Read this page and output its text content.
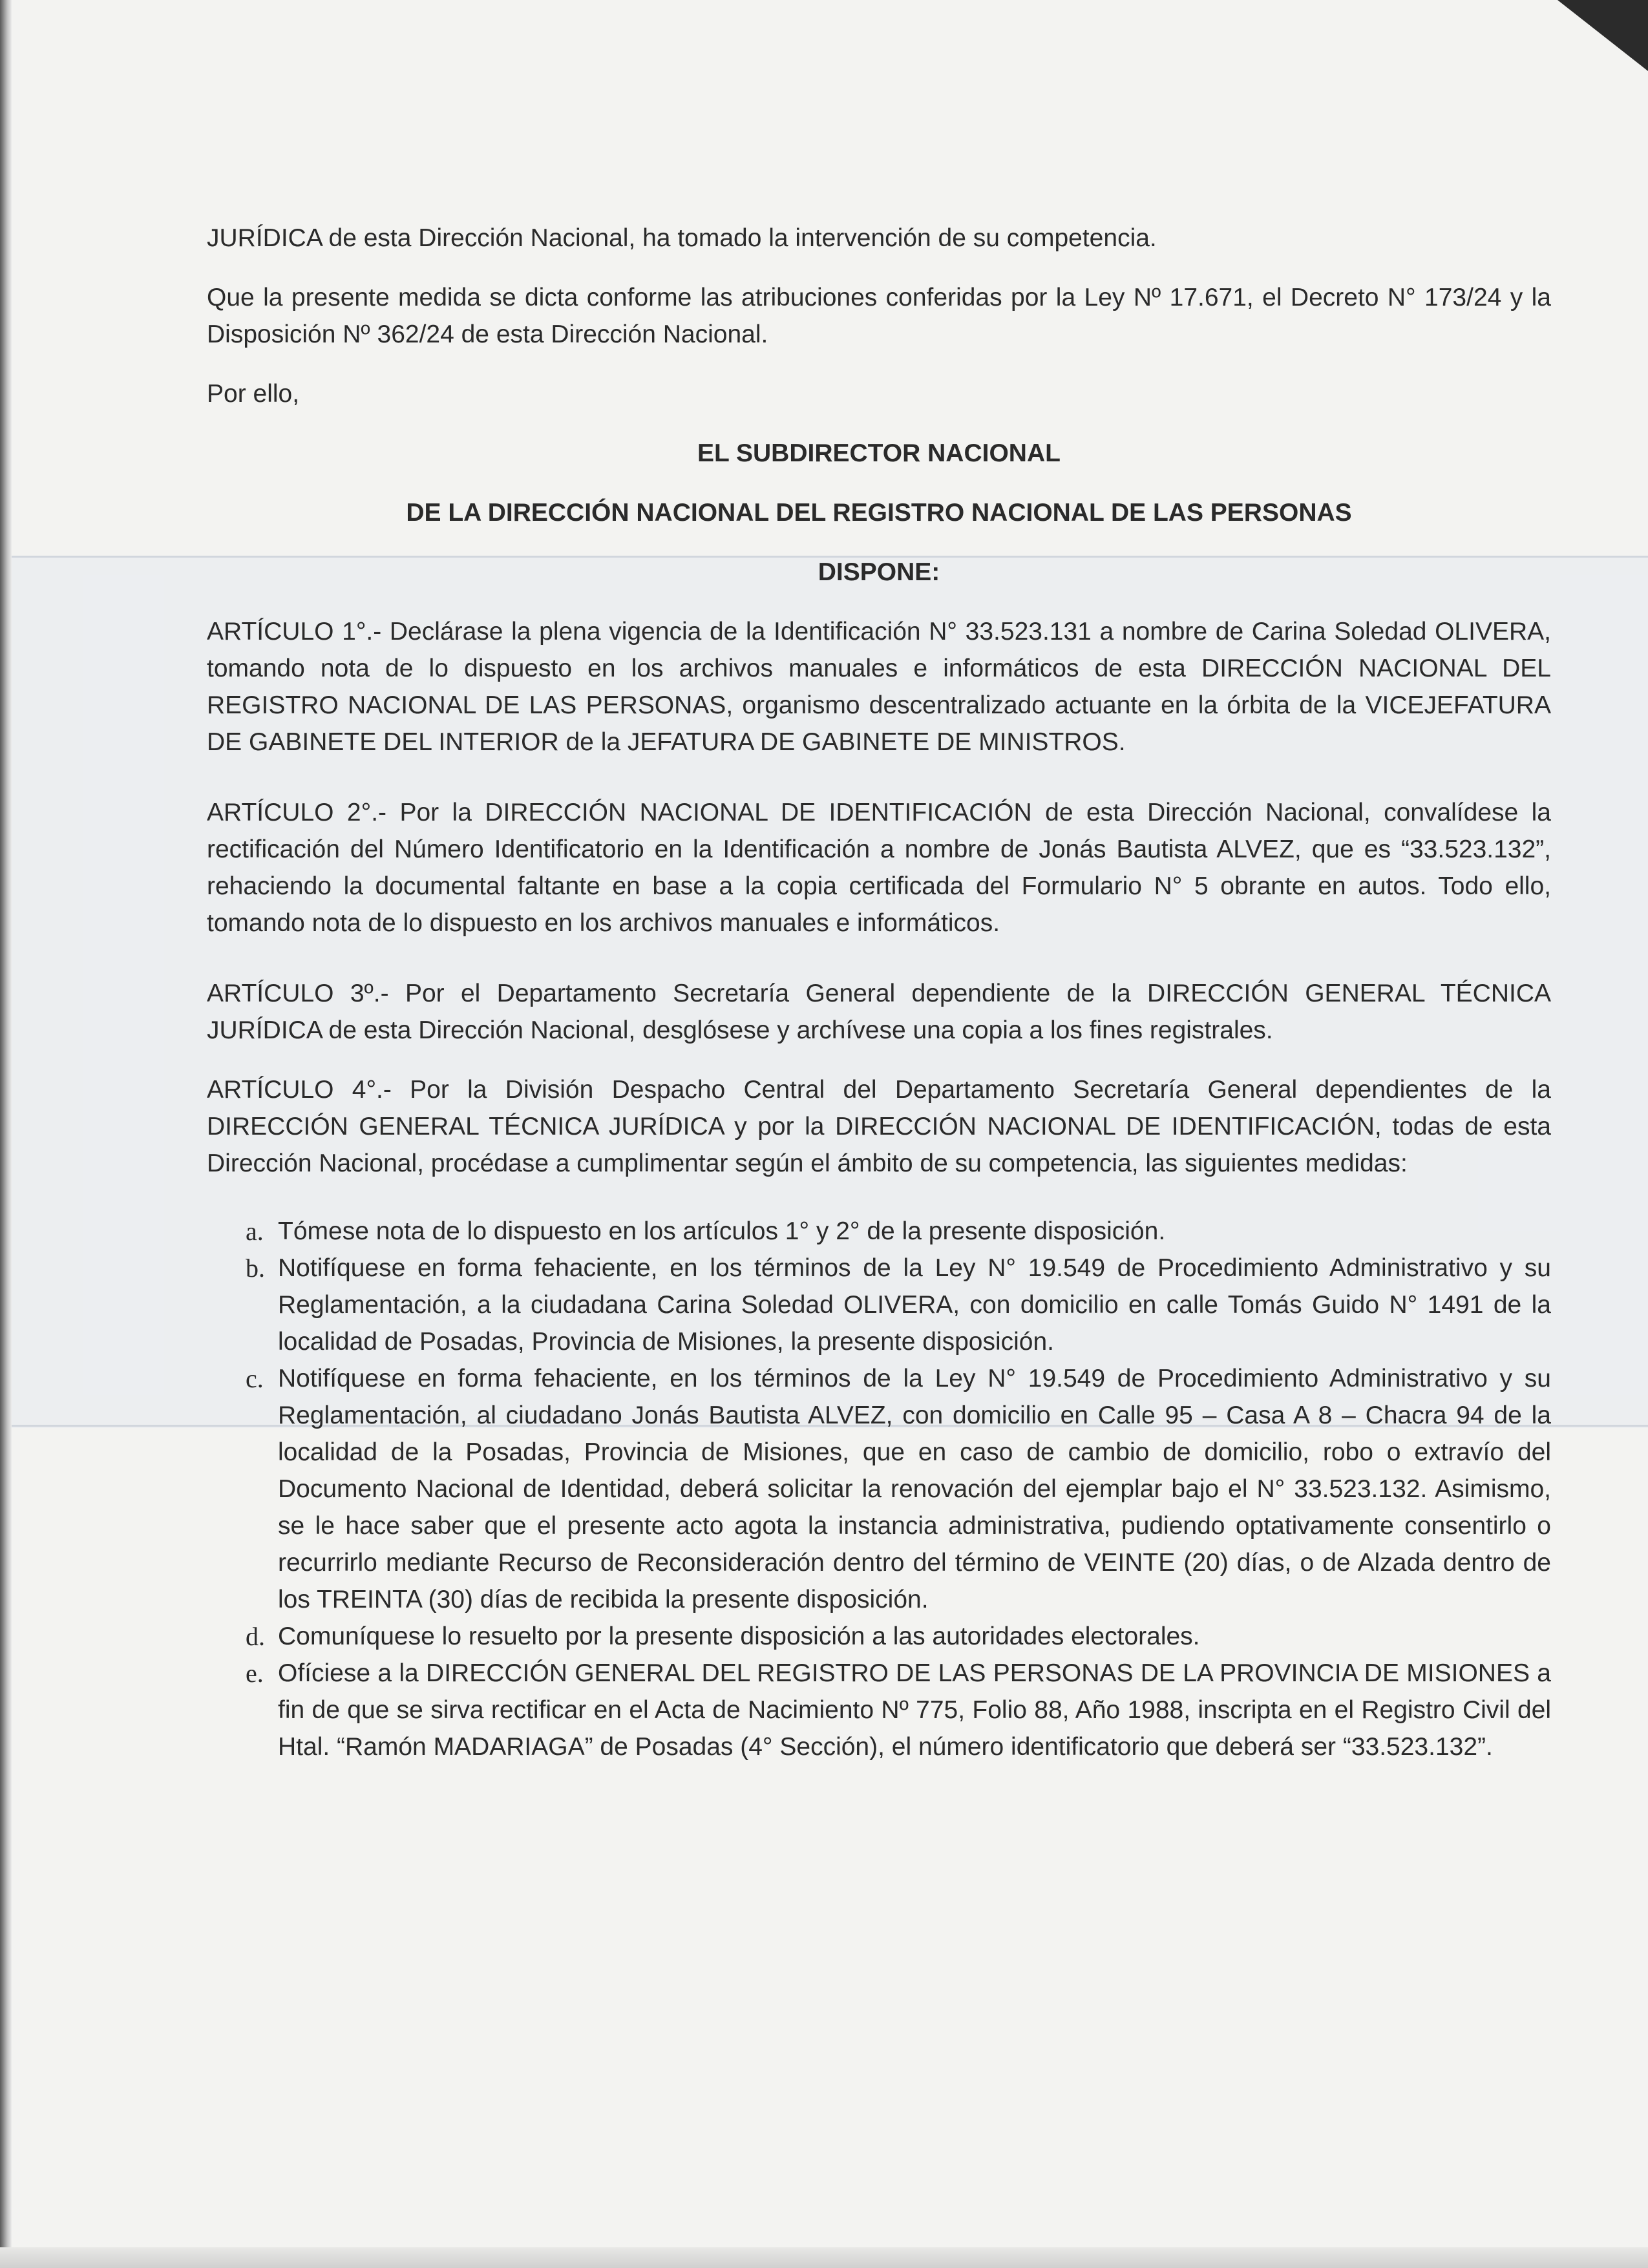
JURÍDICA de esta Dirección Nacional, ha tomado la intervención de su competencia.

Que la presente medida se dicta conforme las atribuciones conferidas por la Ley Nº 17.671, el Decreto N° 173/24 y la Disposición Nº 362/24 de esta Dirección Nacional.

Por ello,

EL SUBDIRECTOR NACIONAL
DE LA DIRECCIÓN NACIONAL DEL REGISTRO NACIONAL DE LAS PERSONAS
DISPONE:

ARTÍCULO 1°.- Declárase la plena vigencia de la Identificación N° 33.523.131 a nombre de Carina Soledad OLIVERA, tomando nota de lo dispuesto en los archivos manuales e informáticos de esta DIRECCIÓN NACIONAL DEL REGISTRO NACIONAL DE LAS PERSONAS, organismo descentralizado actuante en la órbita de la VICEJEFATURA DE GABINETE DEL INTERIOR de la JEFATURA DE GABINETE DE MINISTROS.

ARTÍCULO 2°.- Por la DIRECCIÓN NACIONAL DE IDENTIFICACIÓN de esta Dirección Nacional, convalídese la rectificación del Número Identificatorio en la Identificación a nombre de Jonás Bautista ALVEZ, que es “33.523.132”, rehaciendo la documental faltante en base a la copia certificada del Formulario N° 5 obrante en autos. Todo ello, tomando nota de lo dispuesto en los archivos manuales e informáticos.

ARTÍCULO 3º.- Por el Departamento Secretaría General dependiente de la DIRECCIÓN GENERAL TÉCNICA JURÍDICA de esta Dirección Nacional, desglósese y archívese una copia a los fines registrales.

ARTÍCULO 4°.- Por la División Despacho Central del Departamento Secretaría General dependientes de la DIRECCIÓN GENERAL TÉCNICA JURÍDICA y por la DIRECCIÓN NACIONAL DE IDENTIFICACIÓN, todas de esta Dirección Nacional, procédase a cumplimentar según el ámbito de su competencia, las siguientes medidas:

a. Tómese nota de lo dispuesto en los artículos 1° y 2° de la presente disposición.
b. Notifíquese en forma fehaciente, en los términos de la Ley N° 19.549 de Procedimiento Administrativo y su Reglamentación, a la ciudadana Carina Soledad OLIVERA, con domicilio en calle Tomás Guido N° 1491 de la localidad de Posadas, Provincia de Misiones, la presente disposición.
c. Notifíquese en forma fehaciente, en los términos de la Ley N° 19.549 de Procedimiento Administrativo y su Reglamentación, al ciudadano Jonás Bautista ALVEZ, con domicilio en Calle 95 – Casa A 8 – Chacra 94 de la localidad de la Posadas, Provincia de Misiones, que en caso de cambio de domicilio, robo o extravío del Documento Nacional de Identidad, deberá solicitar la renovación del ejemplar bajo el N° 33.523.132. Asimismo, se le hace saber que el presente acto agota la instancia administrativa, pudiendo optativamente consentirlo o recurrirlo mediante Recurso de Reconsideración dentro del término de VEINTE (20) días, o de Alzada dentro de los TREINTA (30) días de recibida la presente disposición.
d. Comuníquese lo resuelto por la presente disposición a las autoridades electorales.
e. Ofíciese a la DIRECCIÓN GENERAL DEL REGISTRO DE LAS PERSONAS DE LA PROVINCIA DE MISIONES a fin de que se sirva rectificar en el Acta de Nacimiento Nº 775, Folio 88, Año 1988, inscripta en el Registro Civil del Htal. “Ramón MADARIAGA” de Posadas (4° Sección), el número identificatorio que deberá ser “33.523.132”.
